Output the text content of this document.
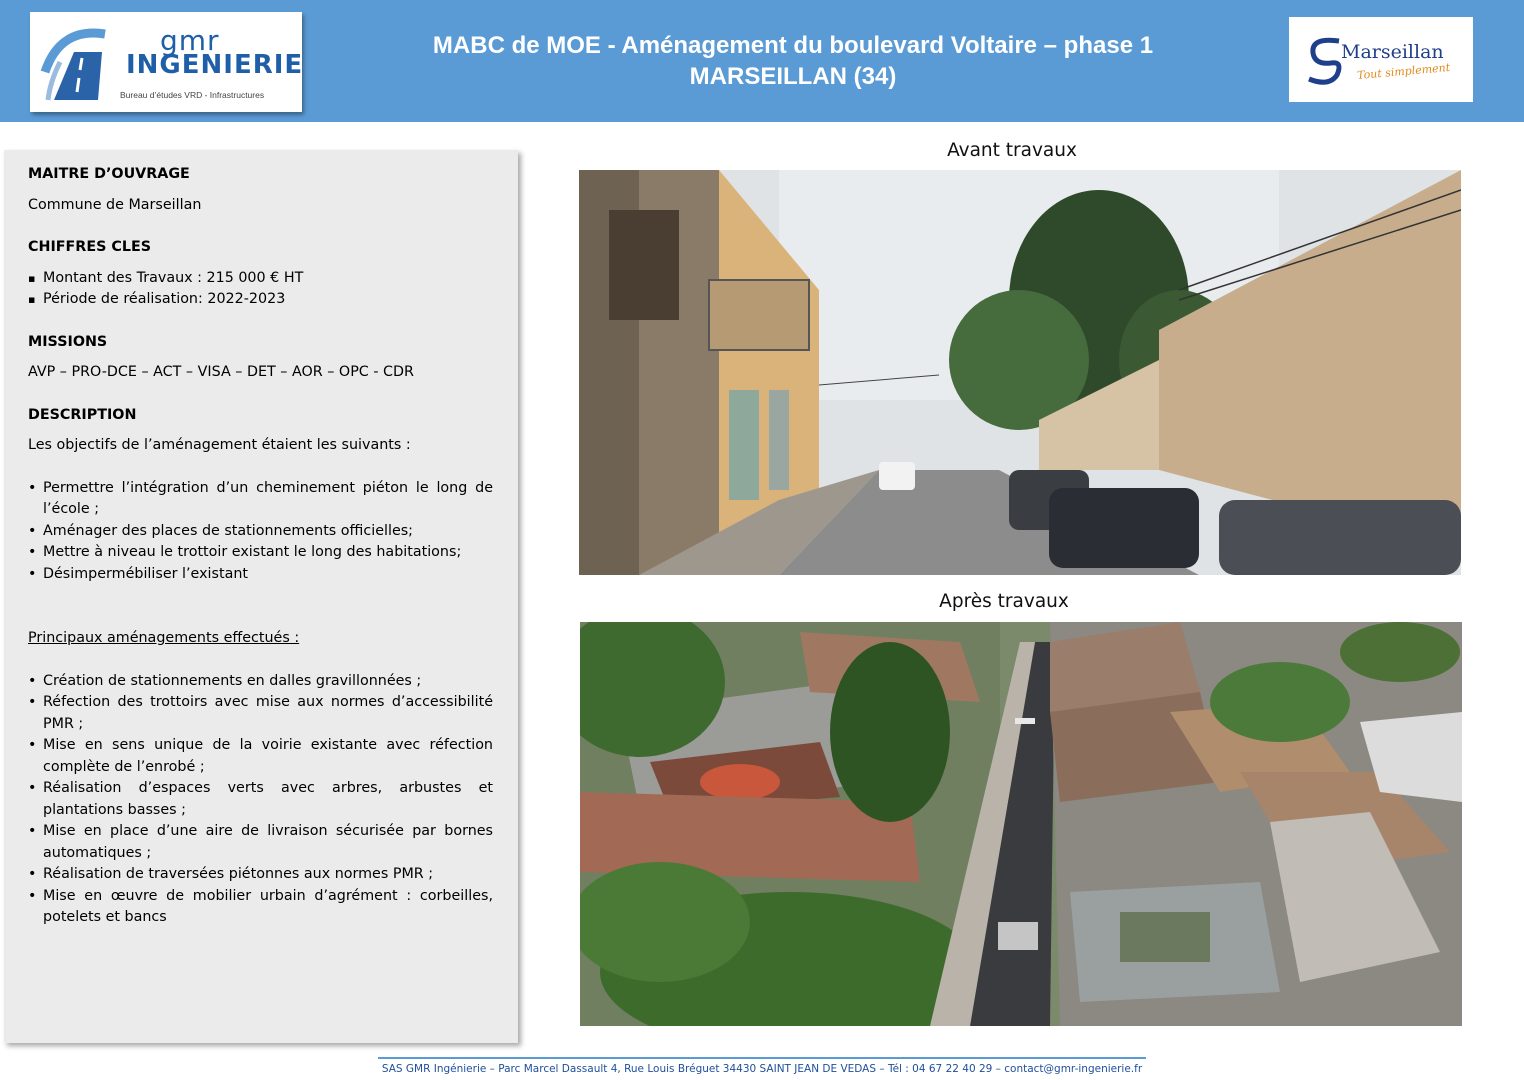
gmr
INGENIERIE
Bureau d’études VRD - Infrastructures
MABC de MOE - Aménagement du boulevard Voltaire – phase 1
MARSEILLAN (34)
Marseillan
Tout simplement

MAITRE D’OUVRAGE

Commune de Marseillan

CHIFFRES CLES

▪ Montant des Travaux : 215 000 € HT
▪ Période de réalisation: 2022-2023

MISSIONS

AVP – PRO-DCE – ACT – VISA – DET – AOR – OPC - CDR

DESCRIPTION

Les objectifs de l’aménagement étaient les suivants :

• Permettre l’intégration d’un cheminement piéton le long de l’école ;
• Aménager des places de stationnements officielles;
• Mettre à niveau le trottoir existant le long des habitations;
• Désimpermébiliser l’existant

Principaux aménagements effectués :

• Création de stationnements en dalles gravillonnées ;
• Réfection des trottoirs avec mise aux normes d’accessibilité PMR ;
• Mise en sens unique de la voirie existante avec réfection complète de l’enrobé ;
• Réalisation d’espaces verts avec arbres, arbustes et plantations basses ;
• Mise en place d’une aire de livraison sécurisée par bornes automatiques ;
• Réalisation de traversées piétonnes aux normes PMR ;
• Mise en œuvre de mobilier urbain d’agrément : corbeilles, potelets et bancs
Avant travaux
Après travaux
SAS GMR Ingénierie – Parc Marcel Dassault 4, Rue Louis Bréguet 34430 SAINT JEAN DE VEDAS – Tél : 04 67 22 40 29 – contact@gmr-ingenierie.fr
